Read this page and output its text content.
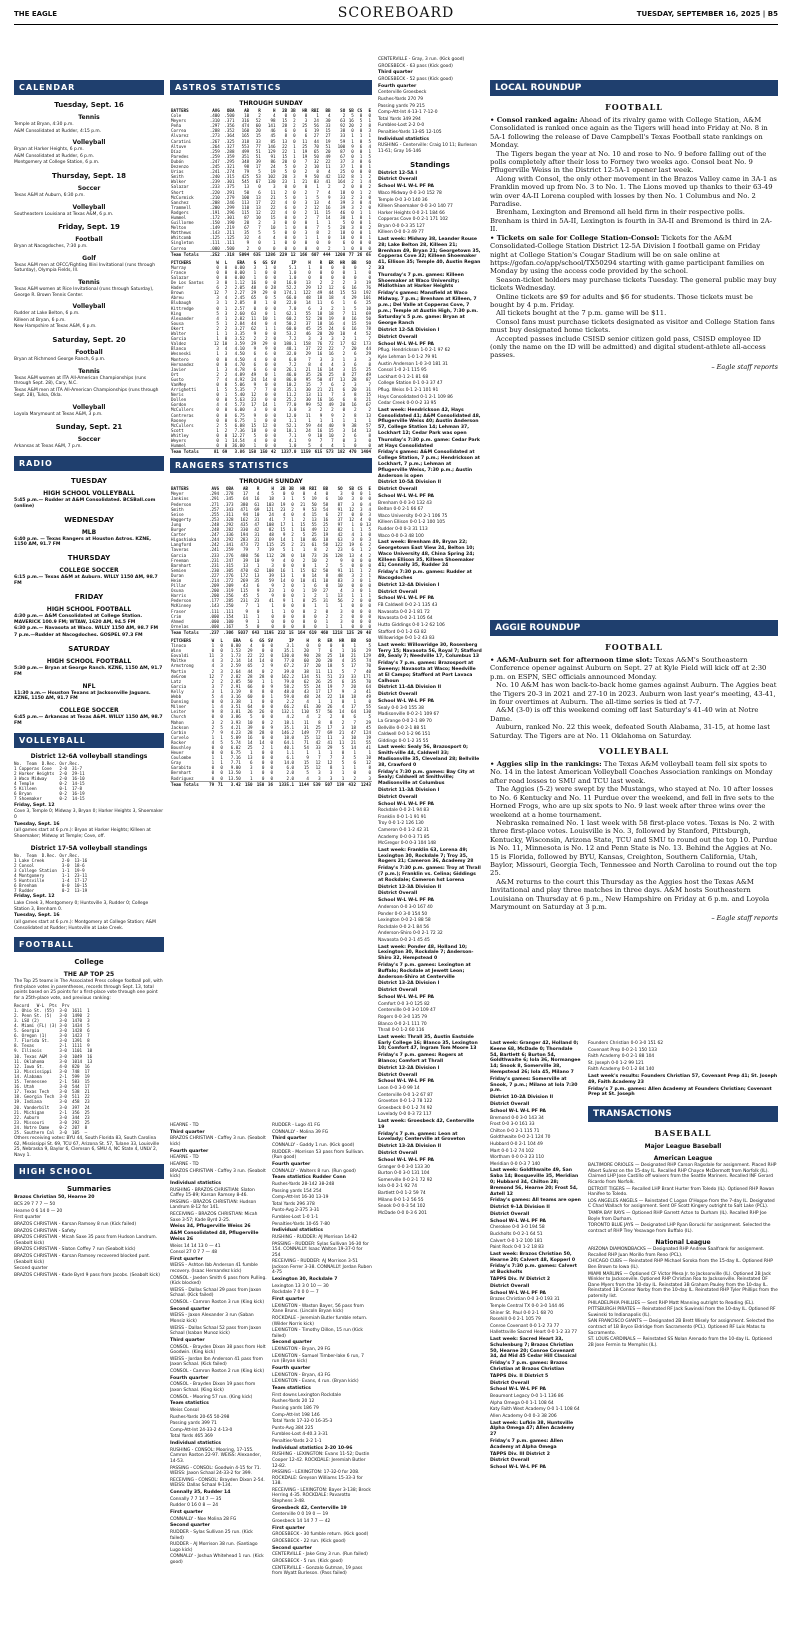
THE EAGLE	SCOREBOARD	TUESDAY, SEPTEMBER 16, 2025 | B5
CALENDAR
Tuesday, Sept. 16
Tennis
Temple at Bryan, 4:30 p.m.
A&M Consolidated at Rudder, 4:15 p.m.
Volleyball
Bryan at Harker Heights, 6 p.m.
A&M Consolidated at Rudder, 6 p.m.
Montgomery at College Station, 6 p.m.
Thursday, Sept. 18
Soccer
Texas A&M at Auburn, 6:30 p.m.
Volleyball
Southeastern Louisiana at Texas A&M, 6 p.m.
Friday, Sept. 19
Football
Bryan at Nacogdoches, 7:30 p.m.
Golf
Texas A&M men at OFCC/Fighting Illini Invitational (runs through Saturday), Olympia Fields, Ill.
Tennis
Texas A&M women at Rice Invitational (runs through Saturday), George R. Brown Tennis Center.
Volleyball
Rudder at Lake Belton, 6 p.m.
Killeen at Bryan, 6 p.m.
New Hampshire at Texas A&M, 6 p.m.
Saturday, Sept. 20
Football
Bryan at Richmond George Ranch, 6 p.m.
Tennis
Texas A&M women at ITA All-American Championships (runs through Sept. 28), Cary, N.C.
Texas A&M men at ITA All-American Championships (runs through Sept. 28), Tulsa, Okla.
Volleyball
Loyola Marymount at Texas A&M, 3 p.m.
Sunday, Sept. 21
Soccer
Arkansas at Texas A&M, 7 p.m.
RADIO
TUESDAY
HIGH SCHOOL VOLLEYBALL
5:45 p.m.— Rudder at A&M Consolidated. BCSBall.com (online)
WEDNESDAY
MLB
6:40 p.m. — Texas Rangers at Houston Astros. KZNE, 1150 AM, 91.7 FM
THURSDAY
COLLEGE SOCCER
6:15 p.m.— Texas A&M at Auburn. WILLY 1150 AM, 98.7 FM
FRIDAY
HIGH SCHOOL FOOTBALL
4:30 p.m.— A&M Consolidated at College Station. MAVERICK 100.9 FM; WTAW, 1620 AM, 94.5 FM
6:30 p.m.— Navasota at Waco. WILLY 1150 AM, 98.7 FM
7 p.m.—Rudder at Nacogdoches. GOSPEL 97.3 FM
SATURDAY
HIGH SCHOOL FOOTBALL
5:30 p.m.— Bryan at George Ranch. KZNE, 1150 AM, 91.7 FM
NFL
11:30 a.m.— Houston Texans at Jacksonville Jaguars. KZNE, 1150 AM, 91.7 FM
COLLEGE SOCCER
6:45 p.m.— Arkansas at Texas A&M. WILLY 1150 AM, 98.7 FM
VOLLEYBALL
District 12-6A volleyball standings
No.  Team  D.Rec. Ovr.Rec.
1 Copperas Cove   2-0  31-7
2 Harker Heights  2-0  29-11
3 Waco Midway     2-0  16-10
4 Temple          0-2  14-15
5 Killeen         0-1  17-8
6 Bryan           0-2  16-19
7 Shoemaker       0-2  14-15
Friday, Sept. 12
Cove 3, Temple 0; Midway 3, Bryan 0; Harker Heights 3, Shoemaker 0
Tuesday, Sept. 16
(all games start at 6 p.m.): Bryan at Harker Heights; Killeen at Shoemaker; Midway at Temple; Cove, off.
District 17-5A volleyball standings
No.  Team  D.Rec. Ovr.Rec.
1 Lake Creek       2-0  13-16
2 Consol           3-0  18-6
3 College Station  1-1  19-9
4 Montgomery       1-1  23-11
5 Huntsville       1-4  17-17
6 Brenham          0-0  10-15
7 Rudder           0-2  13-19
Friday, Sept. 12
Lake Creek 3, Montgomery 0; Huntsville 3, Rudder 0; College Station 3, Brenham 0.
Tuesday, Sept. 16
(all games start at 6 p.m.): Montgomery at College Station; A&M Consolidated at Rudder; Huntsville at Lake Creek.
FOOTBALL
College
THE AP TOP 25
The Top 25 teams in The Associated Press college football poll, with first-place votes in parentheses, records through Sept. 13, total points based on 25 points for a first-place vote through one point for a 25th-place vote, and previous ranking:
Record   W-L  Pts  Prv
1. Ohio St. (55)  3-0  1611  1
2. Penn St. (5)   3-0  1490  2
3. LSU (2)        3-0  1470  3
4. Miami (FL) (3) 3-0  1434  5
5. Georgia        3-0  1428  6
6. Oregon (1)     3-0  1423  7
7. Florida St.    3-0  1391  8
8. Texas          2-1  1111  9
9. Illinois       3-0  1101  10
10. Texas A&M     3-0  1049  16
11. Oklahoma      3-0  1014  13
12. Iowa St.      4-0  820  16
13. Mississippi   3-0  748  17
14. Alabama       2-1  599  19
15. Tennessee     2-1  583  15
16. Utah          3-0  544  17
17. Texas Tech    3-0  538  21
18. Georgia Tech  3-0  511  22
19. Indiana       3-0  458  23
20. Vanderbilt    3-0  397  24
21. Michigan      2-1  356  25
22. Auburn        3-0  344  23
23. Missouri      3-0  292  25
24. Notre Dame    0-2  207  8
25. Southern Cal  3-0  105  —
Others receiving votes: BYU 44, South Florida 83, South Carolina 62, Mississippi St. 69, TCU 67, Arizona St. 57, Tulane 33, Louisville 25, Nebraska 9, Baylor 6, Clemson 6, SMU 4, NC State 4, UNLV 2, Navy 1.
HIGH SCHOOL
Summaries
Brazos Christian 50, Hearne 20
BCS 29 7 7 7 — 50
Hearne 0 6 14 0 — 20
First quarter
BRAZOS CHRISTIAN - Karsan Ramsey 8 run (Kick failed)
BRAZOS CHRISTIAN - Safety
BRAZOS CHRISTIAN - Micah Saxe 35 pass from Hudson Landrum. (Seabolt kick)
BRAZOS CHRISTIAN - Slaton Coffey 7 run (Seabolt kick)
BRAZOS CHRISTIAN - Karsan Ramsey recovered blocked punt. (Seabolt kick)
Second quarter
BRAZOS CHRISTIAN - Kade Byrd 9 pass from Jacobs. (Seabolt kick)
ASTROS STATISTICS
THROUGH SUNDAY
BATTERS	AVG	OBA	AB	R	H	2B	3B	HR	RBI	BB	SO	SB	CS	E
Cole	.400	.500	10	2	4	0	0	0	1	4	2	5	0	0
Meyers	.310	.371	316	52	98	15	2	3	24	30	63	16	5	1
Peña	.297	.356	474	60	141	28	2	25	56	33	92	20	2	8
Correa	.288	.352	160	20	46	6	0	6	19	15	38	0	0	3
Alvarez	.273	.364	165	15	45	8	0	6	27	27	33	1	1	1
Caratini	.267	.325	318	33	85	13	0	11	44	19	59	1	0	5
Altuve	.264	.327	553	77	146	22	1	25	70	51	100	9	6	4
Díaz	.259	.288	499	51	129	22	1	19	65	20	87	0	0	1
Paredes	.259	.359	351	51	91	15	1	19	50	49	67	0	1	5
Dubón	.247	.295	348	39	86	20	0	7	32	22	37	3	0	6
Dezenzo	.245	.321	98	17	24	5	0	2	10	11	37	1	0	1
Urías	.241	.274	79	5	19	5	0	2	8	4	25	0	0	0
Smith	.240	.315	425	53	102	20	3	9	50	42	132	8	1	2
Walker	.239	.301	545	67	130	23	1	21	83	41	164	2	1	4
Salazar	.233	.375	13	0	3	0	0	0	1	2	2	0	0	2
Short	.220	.291	50	6	11	2	0	2	7	4	18	0	1	2
McCormick	.210	.279	100	13	21	5	0	1	5	9	33	2	3	0
Sanchez	.208	.246	113	17	22	4	0	3	13	4	39	3	0	4
Trammell	.200	.299	110	13	22	6	0	2	12	16	39	3	2	0
Rodgers	.191	.296	115	12	22	4	0	2	11	15	46	0	1	1
Hummel	.172	.301	87	10	15	0	0	2	7	14	30	1	0	1
Guillorme	.150	.190	20	2	3	0	0	0	1	1	5	0	0	1
Melton	.149	.219	67	7	10	1	0	0	7	5	28	3	0	2
Matthews	.143	.211	35	5	5	0	0	3	8	2	18	0	0	1
Whitcomb	.125	.125	32	4	4	0	0	1	1	0	10	0	0	1
Singleton	.111	.111	9	0	1	0	0	0	0	0	6	0	0	0
Correa	.000	.500	2	0	0	0	0	0	0	2	1	0	0	0
Team Totals	.252	.318	5094	635	1286	229	12	166	607	444	1200	77	26	65
PITCHERS	W	L	ERA	G	GS	SV	IP	H	R	ER	HR	BB	SO
Murray	0	0	0.00	3	1	0	5.1	1	0	0	0	0	2
France	0	0	0.00	1	0	0	1.0	0	0	0	0	1	0
Salazar	0	0	0.00	1	0	0	1.0	0	0	0	0	0	0
De Los Santos	3	0	1.12	16	0	0	16.0	13	2	2	2	3	19
Hader	6	2	2.05	48	0	28	52.2	29	12	12	6	16	76
Brown	12	7	2.27	29	29	0	174.1	122	49	44	15	53	192
Abreu	3	4	2.45	65	0	5	66.0	48	18	18	4	29	101
Blubaugh	3	1	2.85	8	1	0	22.0	14	11	6	1	6	25
Kittredge	0	1	2.57	0	0	0	7.0	6	3	2	1	5	10
King	5	3	2.60	63	0	1	62.1	55	18	18	7	11	69
Alexander	4	1	2.82	11	10	1	60.2	52	20	19	8	16	50
Sousa	5	1	2.84	44	0	4	50.2	37	18	16	4	15	59
Okert	2	2	3.27	62	1	1	60.0	45	25	24	6	16	78
Walter	1	1	3.35	9	0	0	53.2	46	20	20	10	4	52
Garcia	1	0	3.52	2	2	0	7.2	3	3	3	2	1	7
Valdez	12	10	3.59	29	29	0	180.1	158	76	72	17	62	173
Blanco	3	4	4.10	9	9	0	48.1	37	22	22	7	20	44
Wesneski	1	3	4.50	6	6	0	32.0	29	16	16	2	6	29
Montero	0	0	4.50	4	0	0	6.0	7	3	3	1	3	3
Hernandez	0	0	4.70	6	0	0	7.2	8	4	4	3	6	8
Javier	1	3	4.78	6	6	0	26.1	21	16	14	3	15	25
Ort	2	2	4.89	49	0	1	46.0	35	26	25	8	27	49
Gusto	7	4	4.92	24	14	0	86.0	95	50	47	13	28	87
VanMey	0	0	5.06	9	0	0	10.2	15	7	6	2	3	7
Arrighetti	1	5	5.35	7	7	0	35.1	30	21	21	6	20	31
Neris	0	1	5.40	12	0	0	11.2	13	11	7	3	8	15
Dollen	0	0	5.63	23	0	0	25.2	30	16	16	6	8	21
Gordon	4	4	5.73	17	14	1	77.0	99	52	49	20	16	67
McCullers	0	0	6.00	3	0	0	3.0	3	2	2	0	2	2
Contreras	0	0	6.75	9	0	0	12.0	11	9	9	2	8	13
Rooney	0	0	6.75	1	0	0	1.1	1	1	1	1	1	1
McCullers	2	5	6.88	15	12	0	52.1	59	44	40	9	38	57
Scott	1	2	7.36	18	0	0	18.1	24	16	15	3	14	13
Whitley	0	0	12.27	5	0	0	7.1	9	10	10	2	6	8
Weyers	0	1	14.54	4	0	0	4.1	9	7	7	0	3	0
Hummel	0	0	36.00	1	0	0	1.0	5	4	4	1	0	0
Team Totals	81	69	3.86	150	150	42	1337.0	1159	615	573	182	470	1404
RANGERS STATISTICS
THROUGH SUNDAY
BATTERS	AVG	OBA	AB	R	H	2B	3B	HR	RBI	BB	SO	SB	CS	E
Meyer	.294	.278	17	4	5	0	0	0	4	0	3	0	0	1
Jankins	.291	.345	64	16	18	3	1	5	19	6	10	3	0	0
Pederson	.271	.373	380	61	103	19	0	21	50	58	87	3	0	4
Smith	.257	.343	471	69	121	23	2	9	53	54	91	12	3	4
Seise	.255	.311	94	10	24	4	0	4	15	6	27	0	0	3
Haggerty	.253	.328	162	31	41	7	1	2	13	16	37	12	4	0
Jung	.248	.292	435	47	108	17	1	15	55	25	97	1	0	13
Burger	.248	.282	330	42	82	15	1	16	49	12	82	1	1	5
Carter	.247	.336	194	31	48	9	2	5	25	19	42	4	1	0
Higashioka	.244	.292	283	31	69	14	1	10	46	18	63	3	0	3
Langford	.242	.341	473	72	115	25	2	21	61	58	122	19	6	2
Taveras	.241	.259	79	7	19	5	1	1	8	2	23	6	1	2
Garcia	.233	.276	480	56	112	28	0	18	73	26	128	13	4	2
Freeman	.231	.247	39	10	9	4	0	2	10	2	9	0	0	0
Barnhart	.231	.315	13	1	3	0	0	0	1	2	5	0	0	0
Semien	.230	.305	470	62	108	16	1	15	62	50	91	11	1	2
Duran	.227	.276	172	13	39	13	1	0	14	8	48	3	2	1
Heim	.214	.272	269	35	59	14	0	10	41	10	83	3	0	1
Pillar	.209	.209	43	6	9	2	0	1	6	0	10	0	0	0
Osuna	.200	.319	115	9	23	1	0	1	19	27	4	3	0	1
Harris	.200	.256	45	5	9	0	0	1	2	1	13	1	1	1
Pederson	.177	.285	231	23	41	9	1	8	25	31	56	2	0	0
McKinney	.143	.250	7	1	1	0	0	0	1	1	1	0	0	0
Fraser	.111	.111	9	0	1	1	0	0	2	0	3	0	0	0
Crim	.000	.154	11	1	0	0	0	0	0	2	2	0	0	0
Ahmed	.000	.100	9	1	0	0	0	0	0	1	3	0	0	0
Ornelas	.000	.167	5	0	0	0	0	0	0	1	1	0	0	0
Team Totals	.237	.306	5037	643	1195	232	15	164	619	460	1218	125	29	48
PITCHERS	W	L	ERA	G	GS	SV	IP	H	R	ER	HR	BB	SO
Tinoco	1	0	0.00	4	0	0	3.1	0	0	0	0	1	5
Winn	0	0	1.53	29	0	0	35.1	20	7	6	1	16	29
Eovaldi	11	3	1.73	22	22	0	130.0	90	28	25	10	21	129
Maltke	4	3	2.14	14	14	0	77.0	60	20	20	4	35	74
Armstrong	4	3	2.59	65	2	9	67.2	37	20	18	5	17	70
Martin	2	3	2.64	44	0	2	39.0	38	11	11	5	7	40
deGrom	12	7	2.82	28	28	0	162.2	134	51	51	23	33	171
Latz	2	2	2.85	50	1	1	79.0	62	26	25	6	35	70
Garcia	3	7	2.91	66	0	9	58.2	55	24	19	7	20	64
Kelly	3	1	3.19	8	8	0	48.0	43	17	17	9	3	41
Webb	5	4	3.16	60	0	1	59.0	48	24	22	10	18	49
Dunning	0	0	3.38	1	0	0	2.2	4	1	1	0	1	0
Milner	1	4	3.51	64	0	0	66.2	61	30	26	4	17	55
Leiter	9	8	3.81	26	26	0	132.1	110	57	56	14	64	130
Church	0	0	3.86	5	0	0	4.2	4	2	2	0	6	5
Mahon	3	2	3.93	10	0	2	18.1	11	8	8	2	7	29
Jackson	2	5	4.21	39	0	9	35.1	31	25	17	3	18	45
Corbin	7	9	4.23	28	28	0	146.2	149	77	69	21	47	124
Curvelo	1	1	5.09	16	0	0	18.0	15	12	11	3	10	19
Rocker	4	5	5.74	14	14	0	64.1	71	42	41	11	21	55
Boushley	0	0	6.02	25	2	1	40.1	54	33	29	5	14	41
Heuer	0	0	6.75	1	0	0	1.1	1	1	1	0	1	1
Coulombe	1	1	7.16	13	0	0	6.1	9	7	7	3	5	10
Gray	1	1	7.71	6	0	0	14.0	15	12	12	5	6	12
Garabito	0	0	9.00	3	0	0	6.0	15	12	8	1	1	8
Bernhart	0	0	13.50	1	0	0	2.0	5	3	3	1	0	0
Rodriguez	0	0	13.50	1	0	0	2.0	4	3	3	1	2	3
Team Totals	79	71	3.42	150	150	36	1335.1	1144	539	507	139	432	1243
HEARNE - TD
Third quarter
BRAZOS CHRISTIAN - Caffey 3 run. (Seabolt kick)
Fourth quarter
HEARNE - TD
HEARNE - TD
BRAZOS CHRISTIAN - Caffey 3 run. (Seabolt kick)
Individual statistics
RUSHING - BRAZOS CHRISTIAN: Slaton Caffey 15-89; Karsan Ramsey 8-46.
PASSING - BRAZOS CHRISTIAN: Hudson Landrum 8-12 for 141.
RECEIVING - BRAZOS CHRISTIAN: Micah Saxe 3-57; Kade Byrd 2-25.
Weiss 34, Pflugerville Weiss 26
A&M Consolidated 48, Pflugerville Weiss 26
Weiss 14 14 13 0 — 41
Consol 27 0 7 7 — 48
First quarter
WEISS - Ashton Ibb Anderson 41 fumble recovery. (Isaac Hernandez kick)
CONSOL - Jaeden Smith 6 pass from Pulling. (Kick blocked)
WEISS - Dallas Schaal 29 pass from Jaxon Schaal. (Kick failed)
CONSOL - Camron Roston 3 run (King kick)
Second quarter
WEISS - Jaxon Alexander 3 run (Saban Monsiz kick)
WEISS - Dallas Schaal 52 pass from Jaxon Schaal (Isaban Munoz kick)
Third quarter
CONSOL - Brayden Dixon 38 pass from Holt Goodwin. (King kick)
WEISS - Jordan Ibn Anderson 41 pass from Jaxon Schaal. (Kick failed)
CONSOL - Camron Roston 2 run (King kick)
Fourth quarter
CONSOL - Brayden Dixon 19 pass from Jaxon Schaal. (King kick)
CONSOL - Mooring 57 run. (King kick)
Team statistics
Weiss Consol
Rushes-Yards 20-65 50-298
Passing yards 399 71
Comp-Att-Int 24-33-2 4-13-0
Total Yards 465 369
Individual statistics
RUSHING - CONSOL: Mooring, 17-155. Camron Roston 22-97. WEISS: Alexander, 14-53.
PASSING - CONSOL: Goodwin 4-15 for 71. WEISS: Jaxon Schaal 24-33-2 for 399.
RECEIVING - CONSOL: Brayden Dixon 2-54. WEISS: Dallas Schaal 9-134.
Connally 35, Rudder 14
Connally 7 7 14 7 — 35
Rudder 0 16 0 8 — 24
First quarter
CONNALLY - Noe Molina 28 FG
Second quarter
RUDDER - Sylas Sullivan 25 run. (Kick failed)
RUDDER - AJ Morrison 38 run. (Santiago Lugo kick)
CONNALLY - Joshua Whitehead 1 run. (Kick good)
RUDDER - Lugo 41 FG
CONNALLY - Molina 39 FG
Third quarter
CONNALLY - Gaddy 1 run. (Kick good)
RUDDER - Morrison 53 pass from Sullivan. (Run good)
Fourth quarter
CONNALLY - Walters 8 run. (Run good)
Team statistics Rudder Conn
Rushes-Yards 28-142 38-248
Passing yards 154 254
Comp-Att-Int 16-30 13-19
Total Yards 296 378
Punts-Avg 2-375 3-31
Fumbles-Lost 1-0 1-1
Penalties-Yards 10-65 7-80
Individual statistics
RUSHING - RUDDER: AJ Morrison 14-82
PASSING - RUDDER: Sylas Sullivan 16-30 for 154. CONNALLY: Isaac Walton 19-37-0 for 254
RECEIVING - RUDDER: AJ Morrison 3-51 Jackson Ferrer 3-38. CONNALLY: Jordan Ruben 4-75
Lexington 30, Rockdale 7
Lexington 13 3 0 10 — 30
Rockdale 7 0 0 0 — 7
First quarter
LEXINGTON - Waston Bayer, 56 pass from Xane Bruns. (Lincoln Bryan kick)
ROCKDALE - Jeremiah Butler fumble return. (Wilder Norris kick)
LEXINGTON - Timothy Dillon, 15 run (Kick failed)
Second quarter
LEXINGTON - Bryan, 29 FG
LEXINGTON - Samuel Timber-lake 6 run, 7 run (Bryan kick)
Fourth quarter
LEXINGTON - Bryan, 43 FG
LEXINGTON - Evans, 4 run. (Bryan kick)
Team statistics
First downs Lexington Rockdale
Rushes-Yards 20 12
Passing yards 186 79
Comp-Att-Int 198 146
Total Yards 17-32-0 16-35-3
Punts-Avg 384 225
Fumbles-Lost 4-40.3 3-31
Penalties-Yards 2-2 1-1
Individual statistics 2-20 10-96
RUSHING - LEXINGTON: Evans 11-52; Dustin Cooper 12-42. ROCKDALE: Jeremiah Butler 12-82.
PASSING - LEXINGTON: 17-32-0 for 208. ROCKDALE: Greyson Williams 15-33-3 for 138.
RECEIVING - LEXINGTON: Bayer 3-138; Brock Herring 4-35. ROCKDALE: Pavarotto Stephens 3-48.
Groesbeck 42, Centerville 19
Centerville 0 0 19 0 — 19
Groesbeck 14 14 7 7 — 42
First quarter
GROESBECK - 30 fumble return. (Kick good)
GROESBECK - 22 run. (Kick good)
Second quarter
CENTERVILLE - Jake Gray 3 run. (Run failed)
GROESBECK - 5 run. (Kick good)
CENTERVILLE - Gonzalo Gutman, 19 pass from Wyatt Burleson. (Pass failed)
CENTERVILLE - Gray, 3 run. (Kick good)
GROESBECK - 63 pass (Kick good)
Third quarter
GROESBECK - 52 pass (Kick good)
Fourth quarter
Centerville Groesbeck
Rushes-Yards 270 79
Passing yards 79 215
Comp-Att-Int 4-13-1 7-12-0
Total Yards 349 294
Fumbles-Lost 2-2 0-0
Penalties-Yards 13-85 12-105
Individual statistics
RUSHING - Centerville: Craig 10 11; Burleson 11-61; Gray 16-146
Standings
District 12-5A I
District Overall
School W-L W-L PF PA
Waco Midway 0-0 3-0 152 78
Temple 0-0 3-0 140 36
Killeen Shoemaker 0-0 3-0 140 77
Harker Heights 0-0 2-1 184 66
Copperas Cove 0-0 2-1 171 102
Bryan 0-0 0-3 35 127
Killeen 0-0 0-3 49 77
Last week: Midway 38, Leander Rouse 28; Lake Belton 28, Killeen 21; Brenham 49, Bryan 21; Georgetown 35, Copperas Cove 32; Killeen Shoemaker 41, Ellison 35; Temple 40, Austin Regan 33
Thursday's 7 p.m. games: Killeen Shoemaker at Waco University; Midlothian at Harker Heights
Friday's games: Mansfield at Waco Midway, 7 p.m.; Brenham at Killeen, 7 p.m.; Del Valle at Copperas Cove, 7 p.m.; Temple at Austin High, 7:30 p.m.
Saturday's 5 p.m. game: Bryan at George Ranch
District 12-5A Division I
District Overall
School W-L W-L PF PA
Pflug. Hendrickson 1-0 2-1 97 62
Kyle Lehman 1-0 1-2 79 91
Austin Anderson 1-0 3-0 181 31
Consol 1-0 2-1 115 95
Lockhart 0-1 2-1 81 68
College Station 0-1 0-3 37 47
Pflug. Weiss 0-1 2-1 101 91
Hays Consolidated 0-1 2-1 109 86
Cedar Creek 0-0 0-2 33 95
Last week: Hendrickson 42, Hays Consolidated 41; A&M Consolidated 48, Pflugerville Weiss 40; Austin Anderson 57, College Station 14; Lehman 37, Lockhart 12; Cedar Park was open
Thursday's 7:30 p.m. game: Cedar Park at Hays Consolidated
Friday's games: A&M Consolidated at College Station, 7 p.m.; Hendrickson at Lockhart, 7 p.m.; Lehman at Pflugerville Weiss, 7:30 p.m.; Austin Anderson is open
District 10-5A Division II
District Overall
School W-L W-L PF PA
Brenham 0-0 3-0 132 43
Belton 0-0 2-1 66 67
Waco University 0-0 2-1 106 75
Killeen Ellison 0-0 1-2 100 105
Rudder 0-0 0-3 31 113
Waco 0-0 0-3 48 100
Last week: Brenham 49, Bryan 22; Georgetown East View 24, Belton 10; Waco University 48, China Spring 24; Killeen Ellison 35, Killeen Shoemaker 41; Connally 35, Rudder 24
Friday's 7:30 p.m. games: Rudder at Nacogdoches
District 12-4A Division I
District Overall
School W-L W-L PF PA
FB Caldwell 0-0 2-1 135 43
Navasota 0-0 2-1 81 72
Navasota 0-0 2-1 105 64
Hutto Giddings 0-0 1-2 62 106
Stafford 0-0 1-2 63 82
Willowridge 0-0 1-2 43 83
Last week: Willowridge 30, Rosenberg Terry 15; Navasota 56, Royal 7; Stafford 49, Sealy 7; Needville 17, Columbus 13
Friday's 7 p.m. games: Brazosport at Sweeny; Navasota at Waco; Needville at El Campo; Stafford at Port Lavaca Calhoun
District 11-4A Division II
District Overall
School W-L W-L PF PA
Sealy 0-0 3-0 155 38
Madisonville 0-0 2-1 109 67
La Grange 0-0 2-1 89 70
Bellville 0-0 2-1 88 51
Caldwell 0-0 1-2 96 151
Giddings 0-0 1-2 35 55
Last week: Sealy 56, Brazosport 0; Smith-ville 44, Caldwell 33; Madisonville 35, Cleveland 28; Bellville 38, Crawford 0
Friday's 7:30 p.m. games: Bay City at Sealy; Caldwell at Smithville; Madisonville at Columbus
District 11-3A Division I
District Overall
School W-L W-L PF PA
Rockdale 0-0 2-1 94 83
Franklin 0-0 1-1 91 91
Troy 0-0 1-2 126 130
Cameron 0-0 1-2 42 31
Academy 0-0 0-3 71 85
McGregor 0-0 0-3 104 148
Last week: Franklin 63, Lorena 49; Lexington 30, Rockdale 7; Troy 35, Rogers 21; Cameron 36, Academy 28
Friday's 7:30 p.m. games: Troy at Thrall (7 p.m.); Franklin vs. Celina; Giddings at Rockdale; Cameron hst Lorena
District 12-3A Division II
District Overall
School W-L W-L PF PA
Anderson 0-0 3-0 167 40
Ponder 0-0 3-0 154 50
Lexington 0-0 2-1 88 58
Rockdale 0-0 2-1 84 56
Anderson-Shiro 0-0 2-1 72 32
Navasota 0-0 2-1 45 45
Last week: Ponder 48, Holland 10; Lexington 30, Rockdale 7; Anderson-Shiro 32, Hempstead 0
Friday's 7 p.m. games: Lexington at Buffalo; Rockdale at Jewett Leon; Anderson-Shiro at Centerville
District 13-2A Division I
District Overall
School W-L W-L PF PA
Comfort 0-0 3-0 125 82
Centerville 0-0 3-0 109 47
Rogers 0-0 3-0 135 79
Blanco 0-0 2-1 111 70
Thrall 0-0 1-2 60 116
Last week: Thrall 35, Austin Eastside Early College 16; Blanco 35, Lexington 10; Comfort 47, Ingram Tom Moore 13
Friday's 7 p.m. games: Rogers at Blanco; Comfort at Thrall
District 12-2A Division I
District Overall
School W-L W-L PF PA
Leon 0-0 3-0 99 14
Centerville 0-0 1-2 67 87
Groveton 0-0 1-2 78 122
Groesbeck 0-0 1-2 74 92
Lovelady 0-0 0-3 72 117
Last week: Groesbeck 42, Centerville 19
Friday's 7 p.m. games: Leon at Lovelady; Centerville at Groveton
District 13-2A Division II
District Overall
School W-L W-L PF PA
Granger 0-0 3-0 133 30
Burton 0-0 3-0 131 104
Somerville 0-0 2-1 72 92
Iola 0-0 2-1 92 74
Bartlett 0-0 1-2 59 74
Milano 0-0 1-2 56 55
Snook 0-0 0-3 54 102
McDade 0-0 0-3 6 201
LOCAL ROUNDUP
FOOTBALL

• Consol ranked again: Ahead of its rivalry game with College Station, A&M Consolidated is ranked once again as the Tigers will head into Friday at No. 8 in 5A-1 following the release of Dave Campbell's Texas Football state rankings on Monday.

The Tigers began the year at No. 10 and rose to No. 9 before falling out of the polls completely after their loss to Forney two weeks ago. Consol beat No. 9 Pflugerville Weiss in the District 12-5A-1 opener last week.

Along with Consol, the only other movement in the Brazos Valley came in 3A-1 as Franklin moved up from No. 3 to No. 1. The Lions moved up thanks to their 63-49 win over 4A-II Lorena coupled with losses by then No. 1 Columbus and No. 2 Paradise.

Brenham, Lexington and Bremond all held firm in their respective polls. Brenham is third in 5A-II, Lexington is fourth in 3A-II and Bremond is third in 2A-II.

• Tickets on sale for College Station-Consol: Tickets for the A&M Consolidated-College Station District 12-5A Division I football game on Friday night at College Station's Cougar Stadium will be on sale online at https://gofan.co/app/school/TX50294 starting with game participant families on Monday by using the access code provided by the school.

Season-ticket holders may purchase tickets Tuesday. The general public may buy tickets Wednesday.

Online tickets are $9 for adults and $6 for students. Those tickets must be bought by 4 p.m. Friday.

All tickets bought at the 7 p.m. game will be $11.

Consol fans must purchase tickets designated as visitor and College Station fans must buy designated home tickets.

Accepted passes include CSISD senior citizen gold pass, CSISD employee ID (only the name on the ID will be admitted) and digital student-athlete all-access passes.

– Eagle staff reports
AGGIE ROUNDUP
FOOTBALL

• A&M-Auburn set for afternoon time slot: Texas A&M's Southeastern Conference opener against Auburn on Sept. 27 at Kyle Field will kick off at 2:30 p.m. on ESPN, SEC officials announced Monday.

No. 10 A&M has won back-to-back home games against Auburn. The Aggies beat the Tigers 20-3 in 2021 and 27-10 in 2023. Auburn won last year's meeting, 43-41, in four overtimes at Auburn. The all-time series is tied at 7-7.

A&M (3-0) is off this weekend coming off last Saturday's 41-40 win at Notre Dame.

Auburn, ranked No. 22 this week, defeated South Alabama, 31-15, at home last Saturday. The Tigers are at No. 11 Oklahoma on Saturday.

VOLLEYBALL

• Aggies slip in the rankings: The Texas A&M volleyball team fell six spots to No. 14 in the latest American Volleyball Coaches Association rankings on Monday after road losses to SMU and TCU last week.

The Aggies (5-2) were swept by the Mustangs, who stayed at No. 10 after losses to No. 6 Kentucky and No. 11 Purdue over the weekend, and fell in five sets to the Horned Frogs, who are up six spots to No. 9 last week after three wins over the weekend at a home tournament.

Nebraska remained No. 1 last week with 58 first-place votes. Texas is No. 2 with three first-place votes. Louisville is No. 3, followed by Stanford, Pittsburgh, Kentucky, Wisconsin, Arizona State, TCU and SMU to round out the top 10. Purdue is No. 11, Minnesota is No. 12 and Penn State is No. 13. Behind the Aggies at No. 15 is Florida, followed by BYU, Kansas, Creighton, Southern California, Utah, Baylor, Missouri, Georgia Tech, Tennessee and North Carolina to round out the top 25.

A&M returns to the court this Thursday as the Aggies host the Texas A&M Invitational and play three matches in three days. A&M hosts Southeastern Louisiana on Thursday at 6 p.m., New Hampshire on Friday at 6 p.m. and Loyola Marymount on Saturday at 3 p.m.

– Eagle staff reports
Last week: Granger 42, Holland 0; Keene 68, McDade 0; Thorndale 54, Bartlett 6; Burton 54, Goldthwaite 6; Iola 36, Normangee 14; Snook 8, Somerville 38, Hempstead 26; Iola 45, Milano 7
Friday's games: Somerville at Snook, 7 p.m.; Milano at Iola 7:30 p.m.
District 10-2A Division II
District Overall
School W-L W-L PF PA
Bremond 0-0 3-0 143 34
Frost 0-0 3-0 161 33
Chilton 0-0 2-1 115 71
Goldthwaite 0-0 2-1 124 70
Hubbard 0-0 2-1 104 49
Mart 0-0 1-2 74 102
Wortham 0-0 0-3 23 110
Meridian 0-0 0-3 7 140
Last week: Goldthwaite 49, San Saba 14; Bosqueville 35, Meridian 0; Hubbard 34, Chilton 28; Bremond 56, Hearne 20; Frost 54, Axtell 12
Friday's games: All teams are open
District 9-1A Division II
District Overall
School W-L W-L PF PA
Cherokee 0-0 3-0 194 58
Buckholts 0-0 2-1 64 51
Calvert 0-0 1-2 100 181
Paint Rock 0-0 1-2 18 83
Last week: Brazos Christian 50, Hearne 20; Calvert 48, Kopperl 0
Friday's 7:30 p.m. games: Calvert at Buckholts
TAPPS Div. IV District 2
District Overall
School W-L W-L PF PA
Brazos Christian 0-0 3-0 193 31
Temple Central TX 0-0 3-0 144 46
Shiner St. Paul 0-0 2-1 68 70
Rosehill 0-0 2-1 105 79
Conroe Covenant 0-0 1-2 73 77
Hallettsville Sacred Heart 0-0 1-2 33 77
Last week: Sacred Heart 33, Schulenburg 7; Brazos Christian 50, Hearne 20; Conroe Covenant 34, Ad Mid 45 Cedar Hill Classical
Friday's 7 p.m. games: Brazos Christian at Brazos Christian
TAPPS Div. II District 5
District Overall
School W-L W-L PF PA
Beaumont Legacy 0-0 1-1 136 86
Alpha Omega 0-0 1-1 108 64
Katy Faith West Academy 0-0 1-1 108 64
Allen Academy 0-0 0-3 38 206
Last week: Lufkin 38, Huntsville Alpha Omega 47; Allen Academy 27
Friday's 7 p.m. games: Allen Academy at Alpha Omega
TAPPS Div. III District 2
District Overall
School W-L W-L PF PA
Founders Christian 0-0 3-0 151 62
Covenant Prep 0-0 2-1 150 133
Faith Academy 0-0 2-1 88 104
St. Joseph 0-0 1-2 99 121
Faith Academy 0-0 1-2 84 140
Last week's results: Founders Christian 57, Covenant Prep 41; St. Joseph 49, Faith Academy 23
Friday's 7 p.m. games: Allen Academy at Founders Christian; Covenant Prep at St. Joseph
TRANSACTIONS
BASEBALL
Major League Baseball
American League
BALTIMORE ORIOLES — Designated RHP Carson Ragsdale for assignment. Placed RHP Albert Suárez on the 15-day IL. Recalled RHP Chayce McDermott from Norfolk (IL). Claimed LHP Jose Castillo off waivers from the Seattle Mariners. Recalled INF Gerard Ricardo from Norfolk.
DETROIT TIGERS — Recalled LHP Brant Hurter from Toledo (IL). Optioned RHP Rowan Hanifee to Toledo.
LOS ANGELES ANGELS — Reinstated C Logan O'Hoppe from the 7-day IL. Designated C Chad Wallach for assignment. Sent OF Scott Kingery outright to Salt Lake (PCL).
TAMPA BAY RAYS — Optioned RHP Garrett Acton to Durham (IL). Recalled RHP Joe Boyle from Durham.
TORONTO BLUE JAYS — Designated LHP Ryan Borucki for assignment. Selected the contract of RHP Trey Yesavage from Buffalo (IL).
National League
ARIZONA DIAMONDBACKS — Designated RHP Andrew Saalfrank for assignment. Recalled RHP Juan Morillo from Reno (PCL).
CHICAGO CUBS — Reinstated RHP Michael Soroka from the 15-day IL. Optioned RHP Ben Brown to Iowa (IL).
MIAMI MARLINS — Optioned CF Victor Mesa Jr. to Jacksonville (IL). Optioned 2B Jack Winkler to Jacksonville. Optioned RHP Christian Roa to Jacksonville. Reinstated OF Dane Myers from the 10-day IL. Reinstated 3B Graham Pauley from the 10-day IL. Reinstated 1B Connor Norby from the 10-day IL. Reinstated RHP Tyler Phillips from the paternity list.
PHILADELPHIA PHILLIES — Sent RHP Matt Manning outright to Reading (EL).
PITTSBURGH PIRATES — Reinstated RF Jack Suwinski from the 10-day IL. Optioned RF Suwinski to Indianapolis (IL).
SAN FRANCISCO GIANTS — Designated 2B Brett Wisely for assignment. Selected the contract of 1B Bryce Eldridge from Sacramento (PCL). Optioned RF Luis Matos to Sacramento.
ST. LOUIS CARDINALS — Reinstated SS Nolan Arenado from the 10-day IL. Optioned 2B Jose Fermin to Memphis (IL).
